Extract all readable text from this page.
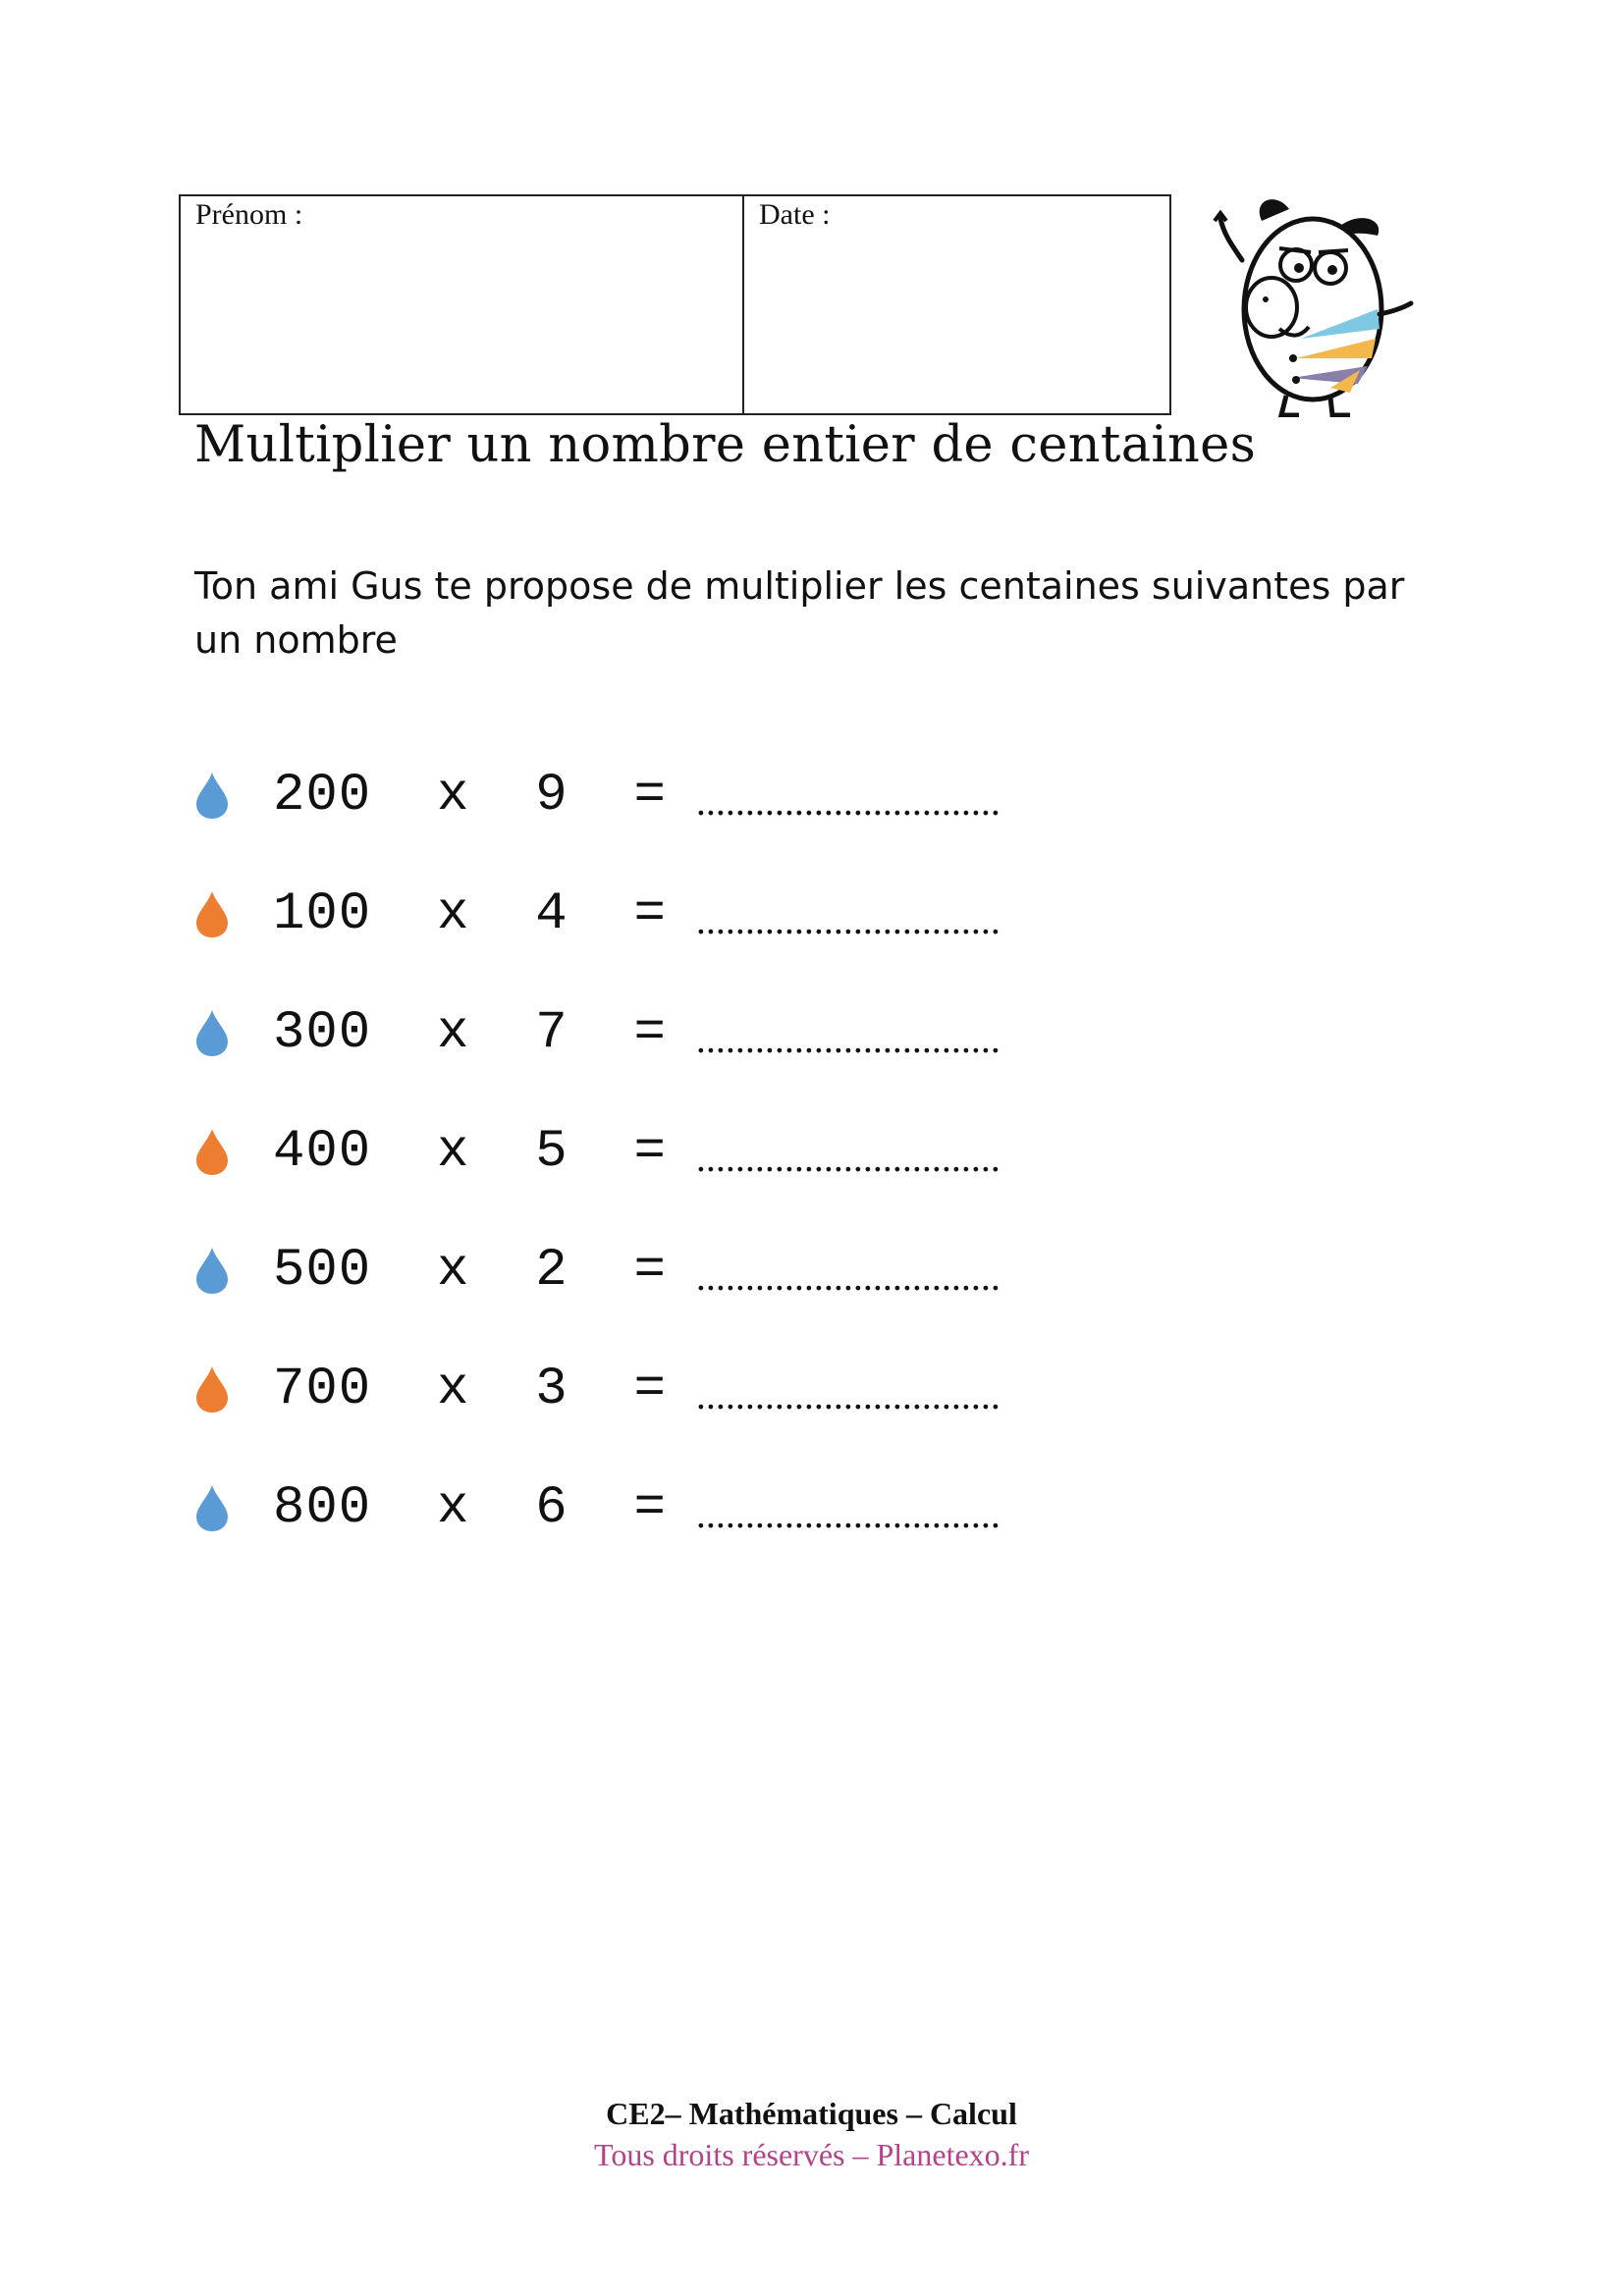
Prénom :	Date :
Multiplier un nombre entier de centaines
Ton ami Gus te propose de multiplier les centaines suivantes par un nombre
200  x  9  = ...............................
100  x  4  = ...............................
300  x  7  = ...............................
400  x  5  = ...............................
500  x  2  = ...............................
700  x  3  = ...............................
800  x  6  = ...............................
CE2– Mathématiques – Calcul
Tous droits réservés – Planetexo.fr
